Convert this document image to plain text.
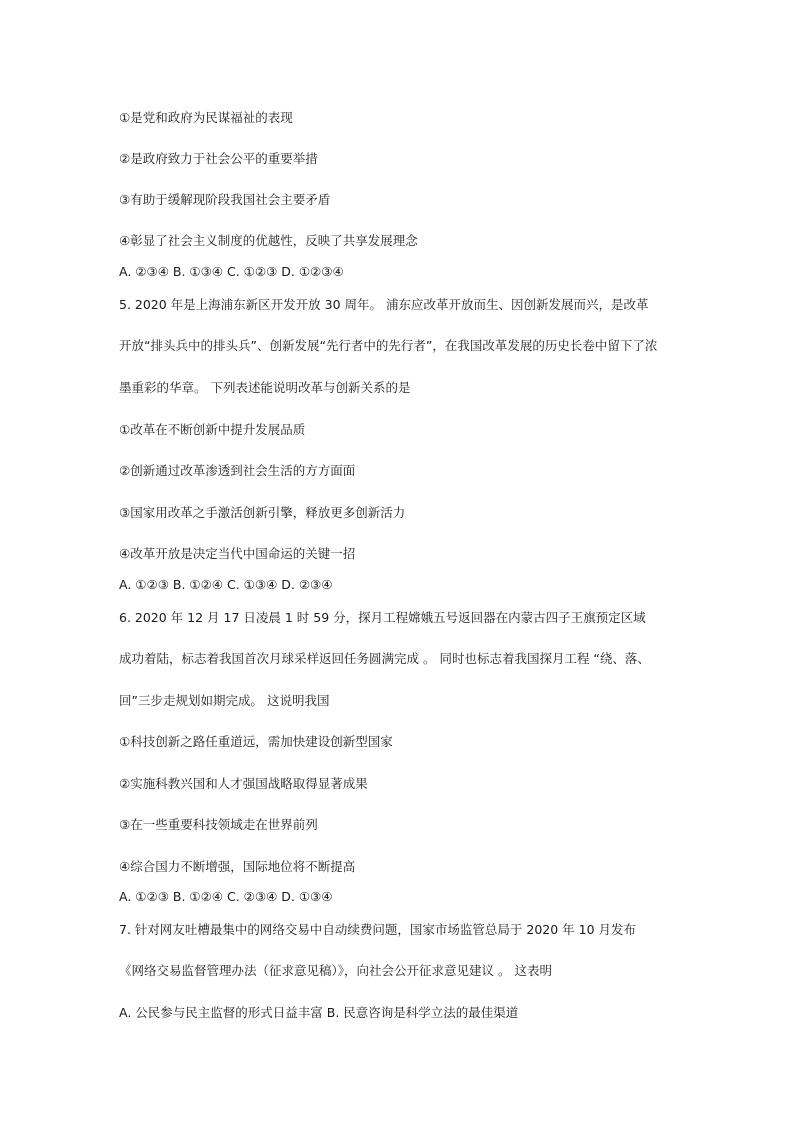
①是党和政府为民谋福祉的表现

②是政府致力于社会公平的重要举措

③有助于缓解现阶段我国社会主要矛盾

④彰显了社会主义制度的优越性，反映了共享发展理念

A. ②③④ B. ①③④ C. ①②③ D. ①②③④

5. 2020 年是上海浦东新区开发开放 30 周年。 浦东应改革开放而生、因创新发展而兴，是改革

开放“排头兵中的排头兵”、创新发展“先行者中的先行者”，在我国改革发展的历史长卷中留下了浓

墨重彩的华章。 下列表述能说明改革与创新关系的是

①改革在不断创新中提升发展品质

②创新通过改革渗透到社会生活的方方面面

③国家用改革之手激活创新引擎，释放更多创新活力

④改革开放是决定当代中国命运的关键一招

A. ①②③ B. ①②④ C. ①③④ D. ②③④

6. 2020 年 12 月 17 日凌晨 1 时 59 分，探月工程嫦娥五号返回器在内蒙古四子王旗预定区域

成功着陆，标志着我国首次月球采样返回任务圆满完成 。 同时也标志着我国探月工程 “绕、落、

回”三步走规划如期完成。 这说明我国

①科技创新之路任重道远，需加快建设创新型国家

②实施科教兴国和人才强国战略取得显著成果

③在一些重要科技领域走在世界前列

④综合国力不断增强，国际地位将不断提高

A. ①②③ B. ①②④ C. ②③④ D. ①③④

7. 针对网友吐槽最集中的网络交易中自动续费问题，国家市场监管总局于 2020 年 10 月发布

《网络交易监督管理办法（征求意见稿）》，向社会公开征求意见建议 。 这表明

A. 公民参与民主监督的形式日益丰富 B. 民意咨询是科学立法的最佳渠道
